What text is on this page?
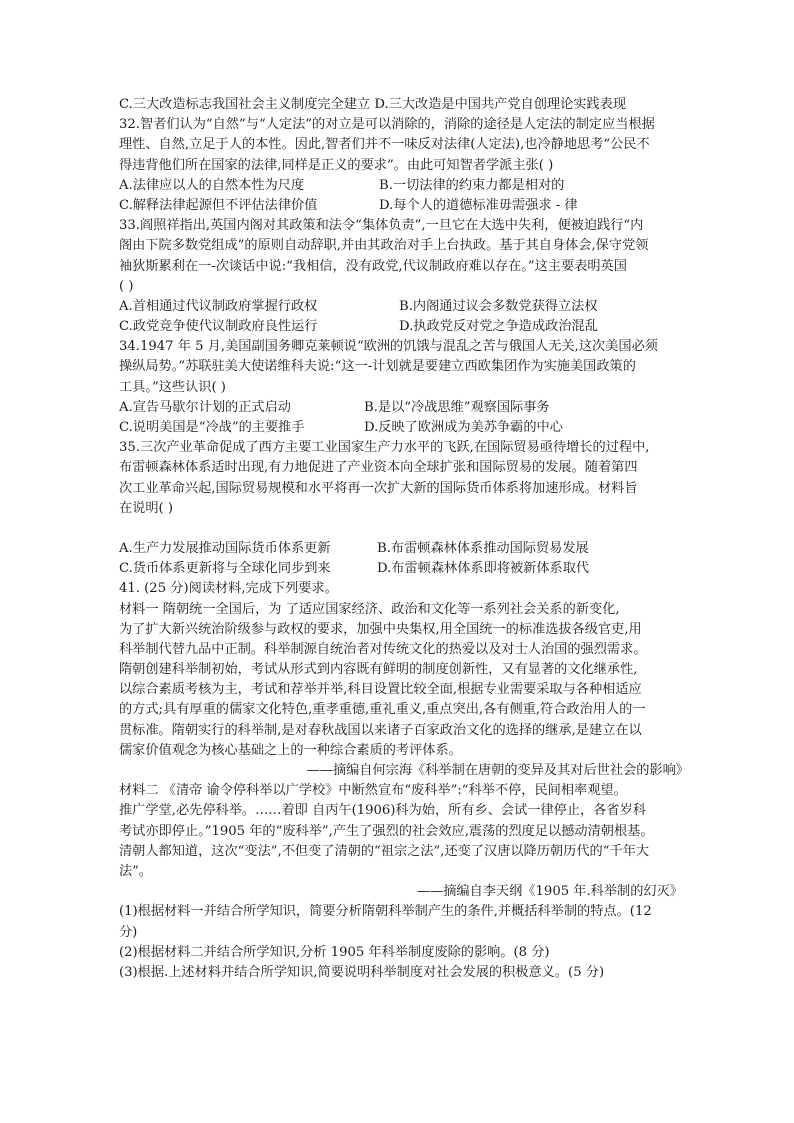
C.三大改造标志我国社会主义制度完全建立 D.三大改造是中国共产党自创理论实践表现
32.智者们认为“自然”与“人定法”的对立是可以消除的，消除的途径是人定法的制定应当根据
理性、自然,立足于人的本性。因此,智者们并不一味反对法律(人定法),也冷静地思考“公民不
得违背他们所在国家的法律,同样是正义的要求”。由此可知智者学派主张( )
A.法律应以人的自然本性为尺度	B.一切法律的约束力都是相对的
C.解释法律起源但不评估法律价值	D.每个人的道德标准毋需强求 - 律
33.阎照祥指出,英国内阁对其政策和法令“集体负责”,一旦它在大选中失利，便被迫践行“内
阁由下院多数党组成”的原则自动辞职,并由其政治对手上台执政。基于其自身体会,保守党领
袖狄斯累利在一-次谈话中说:“我相信，没有政党,代议制政府难以存在。”这主要表明英国
( )
A.首相通过代议制政府掌握行政权	B.内阁通过议会多数党获得立法权
C.政党竞争使代议制政府良性运行	D.执政党反对党之争造成政治混乱
34.1947 年 5 月,美国副国务卿克莱顿说“欧洲的饥饿与混乱之苦与俄国人无关,这次美国必须
操纵局势。”苏联驻美大使诺维科夫说:“这一-计划就是要建立西欧集团作为实施美国政策的
工具。”这些认识( )
A.宣告马歇尔计划的正式启动	B.是以“冷战思维”观察国际事务
C.说明美国是“冷战”的主要推手	D.反映了欧洲成为美苏争霸的中心
35.三次产业革命促成了西方主要工业国家生产力水平的飞跃,在国际贸易亟待增长的过程中,
布雷顿森林体系适时出现,有力地促进了产业资本向全球扩张和国际贸易的发展。随着第四
次工业革命兴起,国际贸易规模和水平将再一次扩大新的国际货币体系将加速形成。材料旨
在说明( )
A.生产力发展推动国际货币体系更新	B.布雷顿森林体系推动国际贸易发展
C.货币体系更新将与全球化同步到来	D.布雷顿森林体系即将被新体系取代
41. (25 分)阅读材料,完成下列要求。
材料一 隋朝统一全国后，为 了适应国家经济、政治和文化等一系列社会关系的新变化,
为了扩大新兴统治阶级参与政权的要求，加强中央集权,用全国统一的标准选拔各级官吏,用
科举制代替九品中正制。科举制源自统治者对传统文化的热爱以及对士人治国的强烈需求。
隋朝创建科举制初始，考试从形式到内容既有鲜明的制度创新性，又有显著的文化继承性,
以综合素质考核为主，考试和荐举并举,科目设置比较全面,根据专业需要采取与各种相适应
的方式;具有厚重的儒家文化特色,重孝重德,重礼重义,重点突出,各有侧重,符合政治用人的一
贯标准。隋朝实行的科举制,是对春秋战国以来诸子百家政治文化的选择的继承,是建立在以
儒家价值观念为核心基础之上的一种综合素质的考评体系。
——摘编自何宗海《科举制在唐朝的变异及其对后世社会的影响》
材料二 《清帝 谕令停科举以广学校》中断然宣布“废科举”:“科举不停，民间相率观望。
推广学堂,必先停科举。……着即 自丙午(1906)科为始，所有乡、会试一律停止，各省岁科
考试亦即停止。”1905 年的“废科举”,产生了强烈的社会效应,震荡的烈度足以撼动清朝根基。
清朝人都知道，这次“变法”,不但变了清朝的“祖宗之法”,还变了汉唐以降历朝历代的“千年大
法”。
——摘编自李天纲《1905 年.科举制的幻灭》
(1)根据材料一并结合所学知识，简要分析隋朝科举制产生的条件,并概括科举制的特点。(12
分)
(2)根据材料二并结合所学知识,分析 1905 年科举制度废除的影响。(8 分)
(3)根据.上述材料并结合所学知识,简要说明科举制度对社会发展的积极意义。(5 分)
